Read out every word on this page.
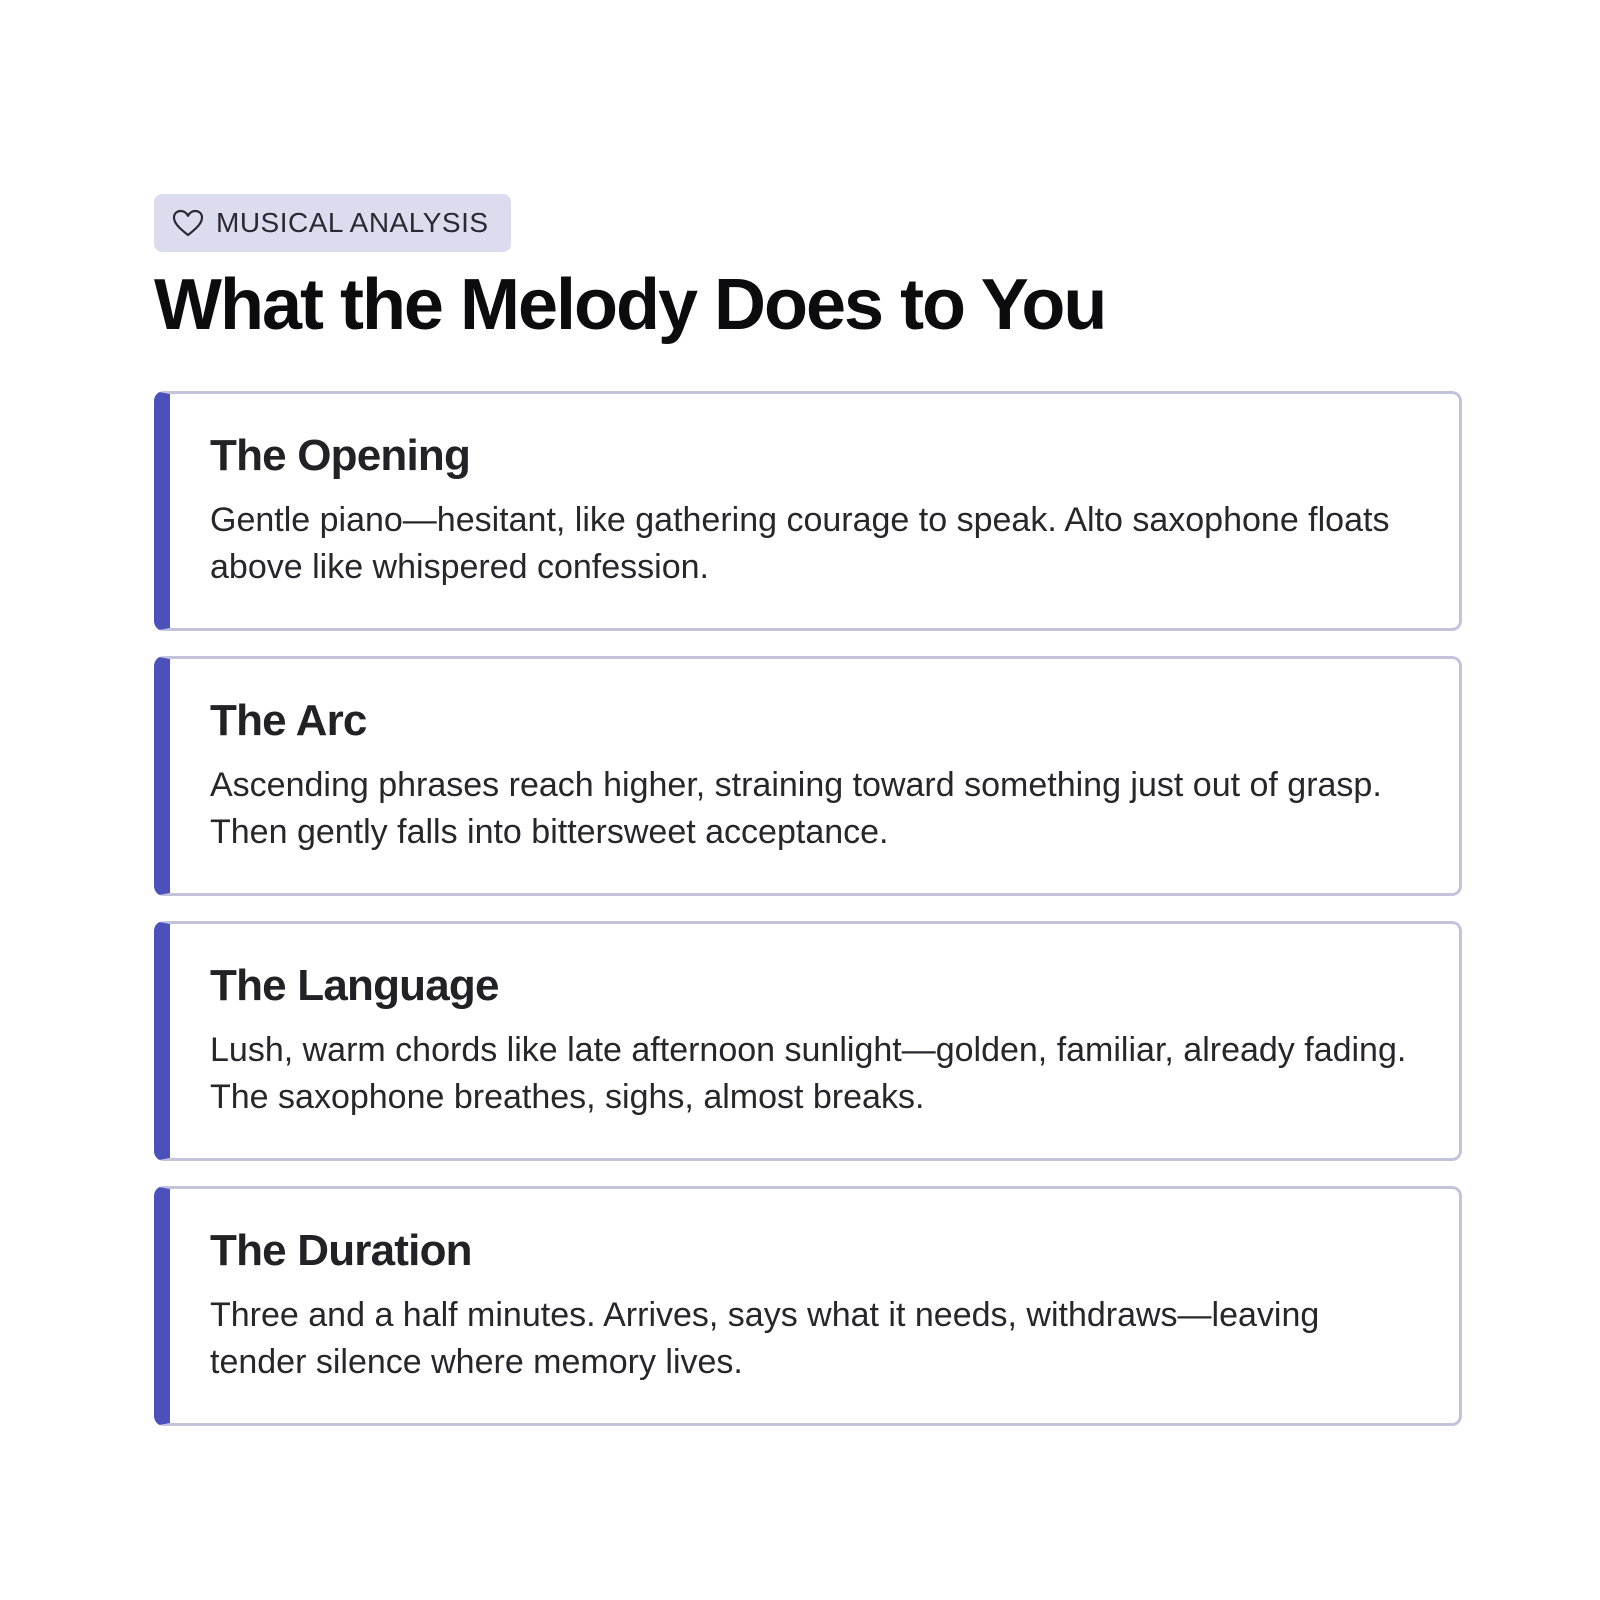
MUSICAL ANALYSIS
What the Melody Does to You
The Opening

Gentle piano—hesitant, like gathering courage to speak. Alto saxophone floats above like whispered confession.

The Arc

Ascending phrases reach higher, straining toward something just out of grasp. Then gently falls into bittersweet acceptance.

The Language

Lush, warm chords like late afternoon sunlight—golden, familiar, already fading. The saxophone breathes, sighs, almost breaks.

The Duration

Three and a half minutes. Arrives, says what it needs, withdraws—leaving tender silence where memory lives.
